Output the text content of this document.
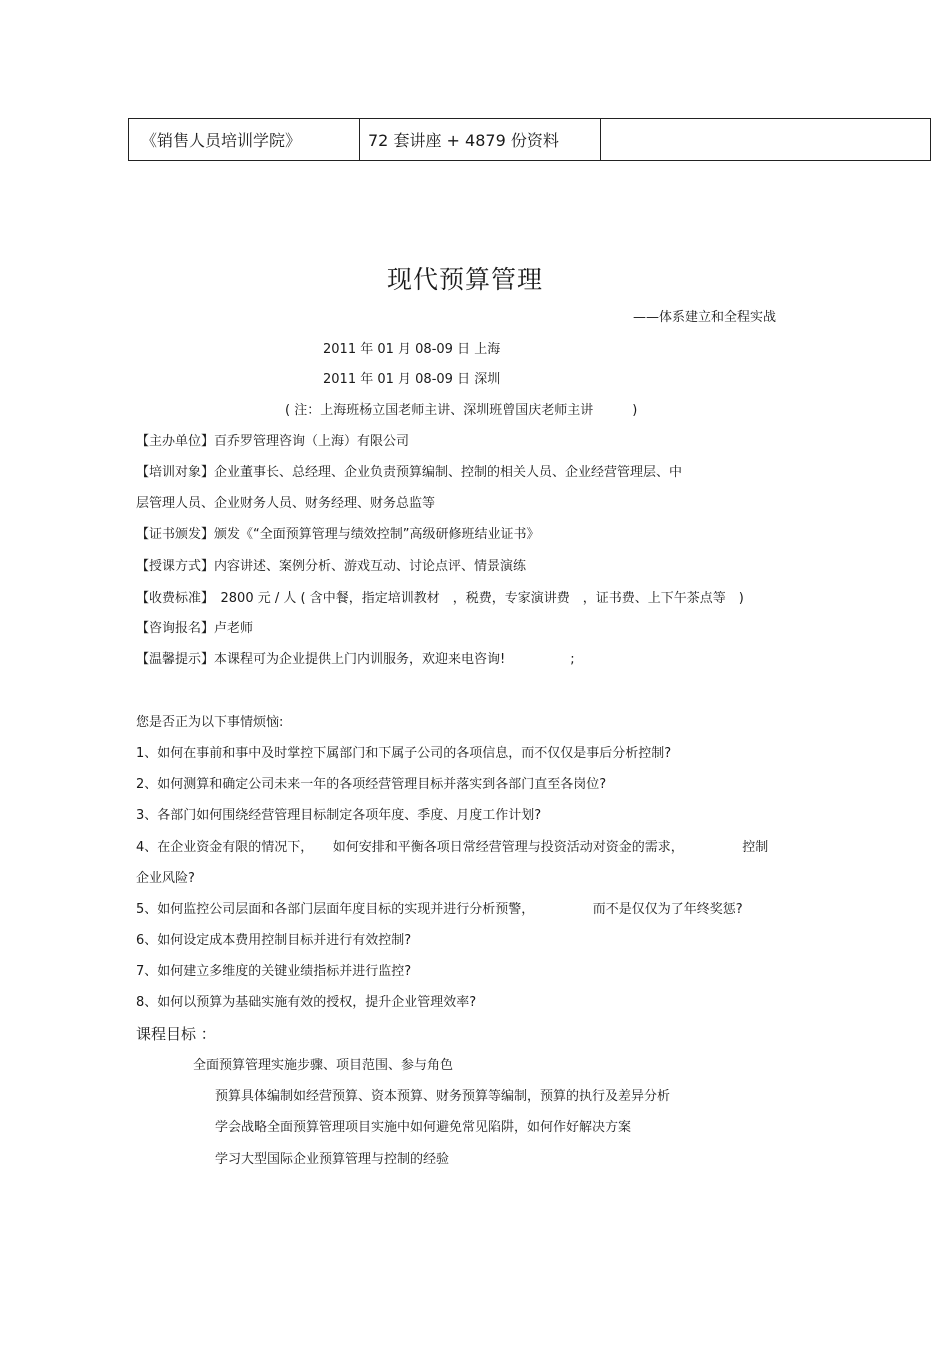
《销售人员培训学院》	72 套讲座 + 4879 份资料	
现代预算管理
——体系建立和全程实战
2011 年 01 月 08-09 日 上海
2011 年 01 月 08-09 日 深圳
( 注：上海班杨立国老师主讲、深圳班曾国庆老师主讲　　　)
【主办单位】百乔罗管理咨询（上海）有限公司
【培训对象】企业董事长、总经理、企业负责预算编制、控制的相关人员、企业经营管理层、中
层管理人员、企业财务人员、财务经理、财务总监等
【证书颁发】颁发《“全面预算管理与绩效控制”高级研修班结业证书》
【授课方式】内容讲述、案例分析、游戏互动、讨论点评、情景演练
【收费标准】　2800 元 / 人 ( 含中餐，指定培训教材　，税费，专家演讲费　，证书费、上下午茶点等　)
【咨询报名】卢老师
【温馨提示】本课程可为企业提供上门内训服务，欢迎来电咨询!　　　　　;
您是否正为以下事情烦恼:
1、如何在事前和事中及时掌控下属部门和下属子公司的各项信息，而不仅仅是事后分析控制?
2、如何测算和确定公司未来一年的各项经营管理目标并落实到各部门直至各岗位?
3、各部门如何围绕经营管理目标制定各项年度、季度、月度工作计划?
4、在企业资金有限的情况下，　　如何安排和平衡各项日常经营管理与投资活动对资金的需求，　　　　　控制
企业风险?
5、如何监控公司层面和各部门层面年度目标的实现并进行分析预警，　　　　　而不是仅仅为了年终奖惩?
6、如何设定成本费用控制目标并进行有效控制?
7、如何建立多维度的关键业绩指标并进行监控?
8、如何以预算为基础实施有效的授权，提升企业管理效率?
课程目标 ：
全面预算管理实施步骤、项目范围、参与角色
预算具体编制如经营预算、资本预算、财务预算等编制，预算的执行及差异分析
学会战略全面预算管理项目实施中如何避免常见陷阱，如何作好解决方案
学习大型国际企业预算管理与控制的经验
